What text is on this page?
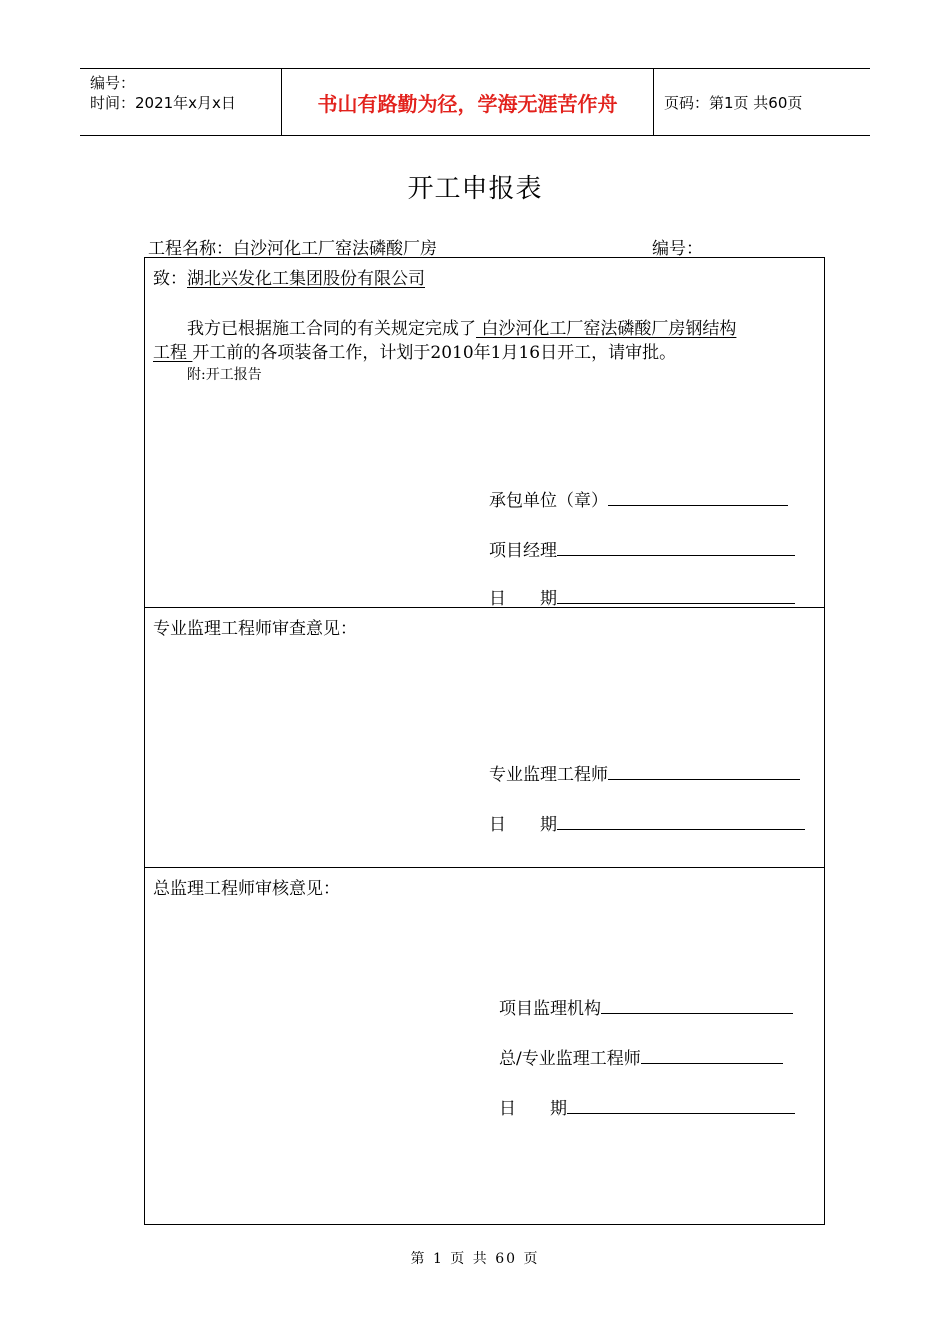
编号：
时间：2021年x月x日	书山有路勤为径，学海无涯苦作舟	页码：第1页 共60页
开工申报表
工程名称：白沙河化工厂窑法磷酸厂房	编号：
致：湖北兴发化工集团股份有限公司
我方已根据施工合同的有关规定完成了 白沙河化工厂窑法磷酸厂房钢结构
工程 开工前的各项装备工作，计划于2010年1月16日开工，请审批。
附:开工报告
承包单位（章）
项目经理
日　　期
专业监理工程师审查意见：
专业监理工程师
日　　期
总监理工程师审核意见：
项目监理机构
总/专业监理工程师
日　　期
第 1 页 共 60 页
